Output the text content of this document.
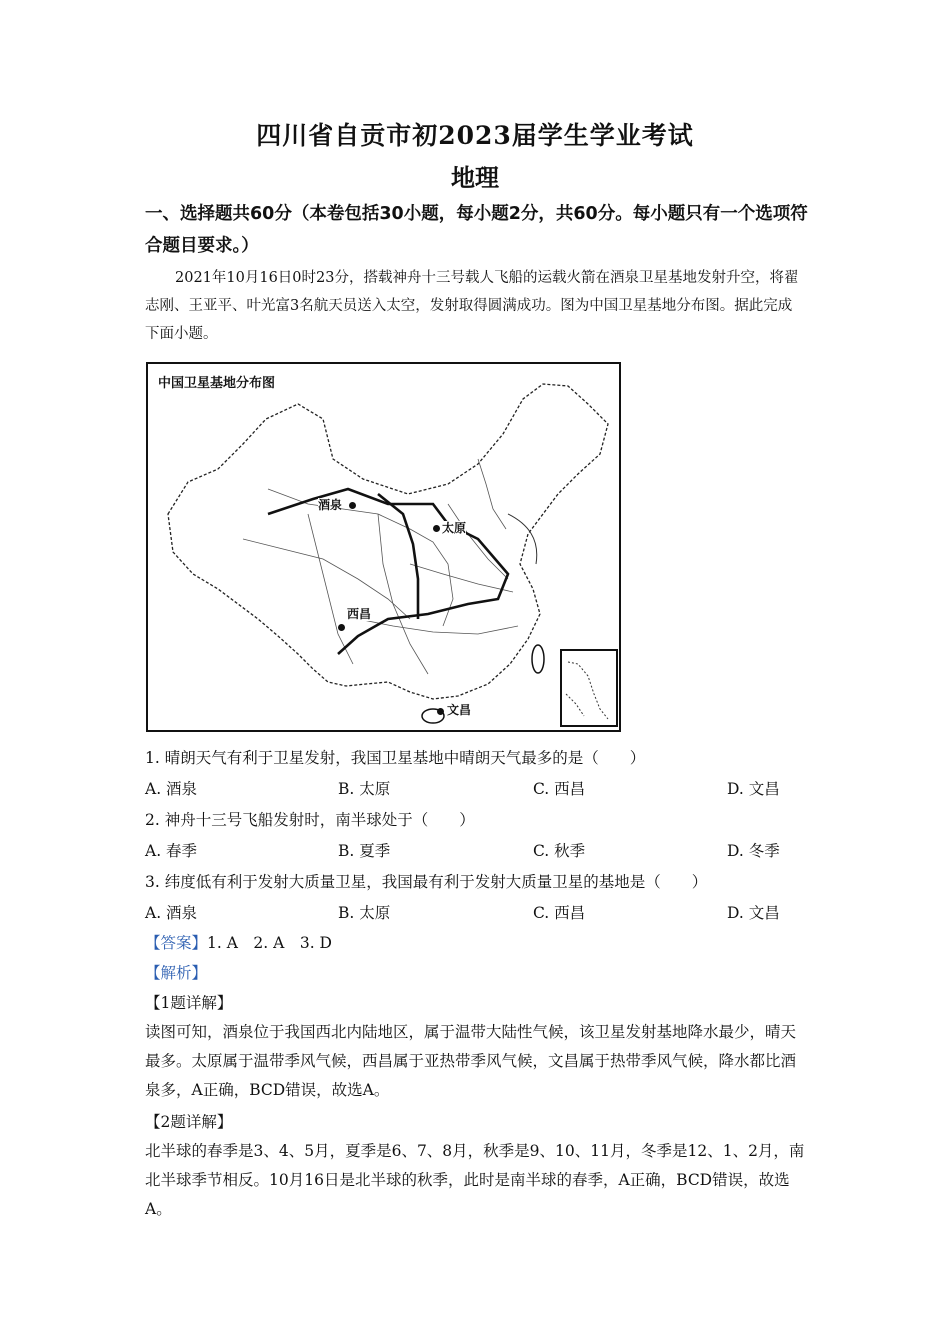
四川省自贡市初2023届学生学业考试
地理
一、选择题共60分（本卷包括30小题，每小题2分，共60分。每小题只有一个选项符合题目要求。）
2021年10月16日0时23分，搭载神舟十三号载人飞船的运载火箭在酒泉卫星基地发射升空，将翟志刚、王亚平、叶光富3名航天员送入太空，发射取得圆满成功。图为中国卫星基地分布图。据此完成下面小题。
中国卫星基地分布图
酒泉
太原
西昌
文昌
1. 晴朗天气有利于卫星发射，我国卫星基地中晴朗天气最多的是（　　）
A. 酒泉	B. 太原	C. 西昌	D. 文昌
2. 神舟十三号飞船发射时，南半球处于（　　）
A. 春季	B. 夏季	C. 秋季	D. 冬季
3. 纬度低有利于发射大质量卫星，我国最有利于发射大质量卫星的基地是（　　）
A. 酒泉	B. 太原	C. 西昌	D. 文昌
【答案】1. A　2. A　3. D
【解析】
【1题详解】
读图可知，酒泉位于我国西北内陆地区，属于温带大陆性气候，该卫星发射基地降水最少，晴天最多。太原属于温带季风气候，西昌属于亚热带季风气候，文昌属于热带季风气候，降水都比酒泉多，A正确，BCD错误，故选A。
【2题详解】
北半球的春季是3、4、5月，夏季是6、7、8月，秋季是9、10、11月，冬季是12、1、2月，南北半球季节相反。10月16日是北半球的秋季，此时是南半球的春季，A正确，BCD错误，故选A。
